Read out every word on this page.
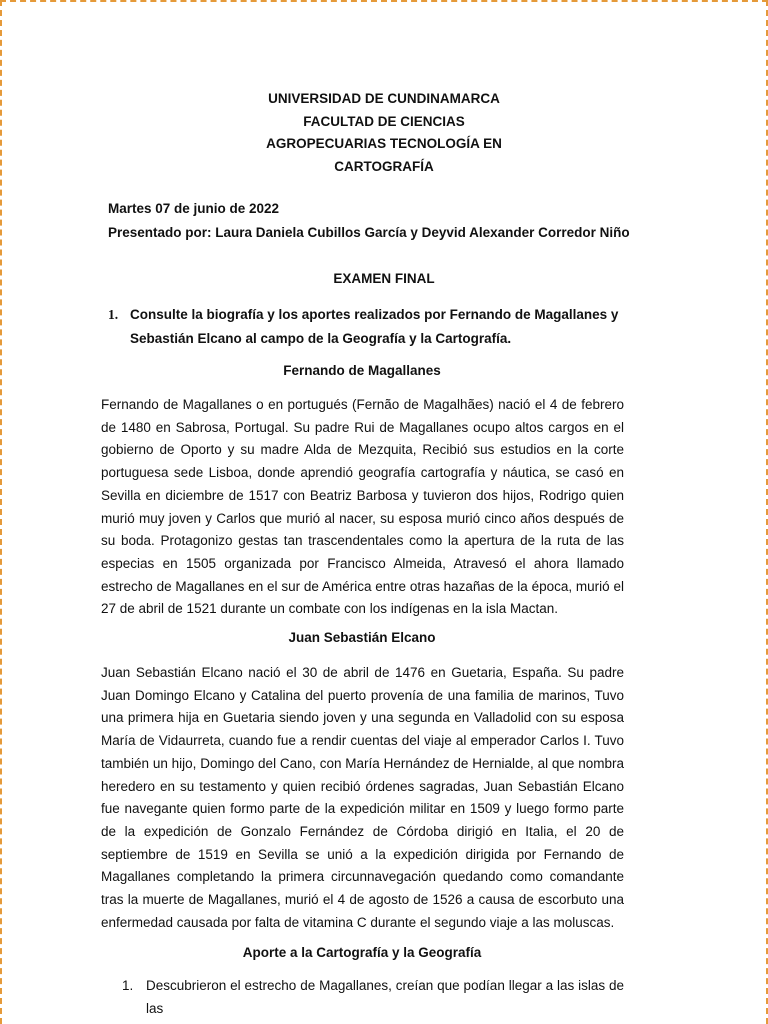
UNIVERSIDAD DE CUNDINAMARCA
FACULTAD DE CIENCIAS
AGROPECUARIAS TECNOLOGÍA EN
CARTOGRAFÍA
Martes 07 de junio de 2022
Presentado por: Laura Daniela Cubillos García y Deyvid Alexander Corredor Niño
EXAMEN FINAL
1. Consulte la biografía y los aportes realizados por Fernando de Magallanes y Sebastián Elcano al campo de la Geografía y la Cartografía.
Fernando de Magallanes
Fernando de Magallanes o en portugués (Fernão de Magalhães) nació el 4 de febrero de 1480 en Sabrosa, Portugal. Su padre Rui de Magallanes ocupo altos cargos en el gobierno de Oporto y su madre Alda de Mezquita, Recibió sus estudios en la corte portuguesa sede Lisboa, donde aprendió geografía cartografía y náutica, se casó en Sevilla en diciembre de 1517 con Beatriz Barbosa y tuvieron dos hijos, Rodrigo quien murió muy joven y Carlos que murió al nacer, su esposa murió cinco años después de su boda. Protagonizo gestas tan trascendentales como la apertura de la ruta de las especias en 1505 organizada por Francisco Almeida, Atravesó el ahora llamado estrecho de Magallanes en el sur de América entre otras hazañas de la época, murió el 27 de abril de 1521 durante un combate con los indígenas en la isla Mactan.
Juan Sebastián Elcano
Juan Sebastián Elcano nació el 30 de abril de 1476 en Guetaria, España. Su padre Juan Domingo Elcano y Catalina del puerto provenía de una familia de marinos, Tuvo una primera hija en Guetaria siendo joven y una segunda en Valladolid con su esposa María de Vidaurreta, cuando fue a rendir cuentas del viaje al emperador Carlos I. Tuvo también un hijo, Domingo del Cano, con María Hernández de Hernialde, al que nombra heredero en su testamento y quien recibió órdenes sagradas, Juan Sebastián Elcano fue navegante quien formo parte de la expedición militar en 1509 y luego formo parte de la expedición de Gonzalo Fernández de Córdoba dirigió en Italia, el 20 de septiembre de 1519 en Sevilla se unió a la expedición dirigida por Fernando de Magallanes completando la primera circunnavegación quedando como comandante tras la muerte de Magallanes, murió el 4 de agosto de 1526 a causa de escorbuto una enfermedad causada por falta de vitamina C durante el segundo viaje a las moluscas.
Aporte a la Cartografía y la Geografía
1. Descubrieron el estrecho de Magallanes, creían que podían llegar a las islas de las
